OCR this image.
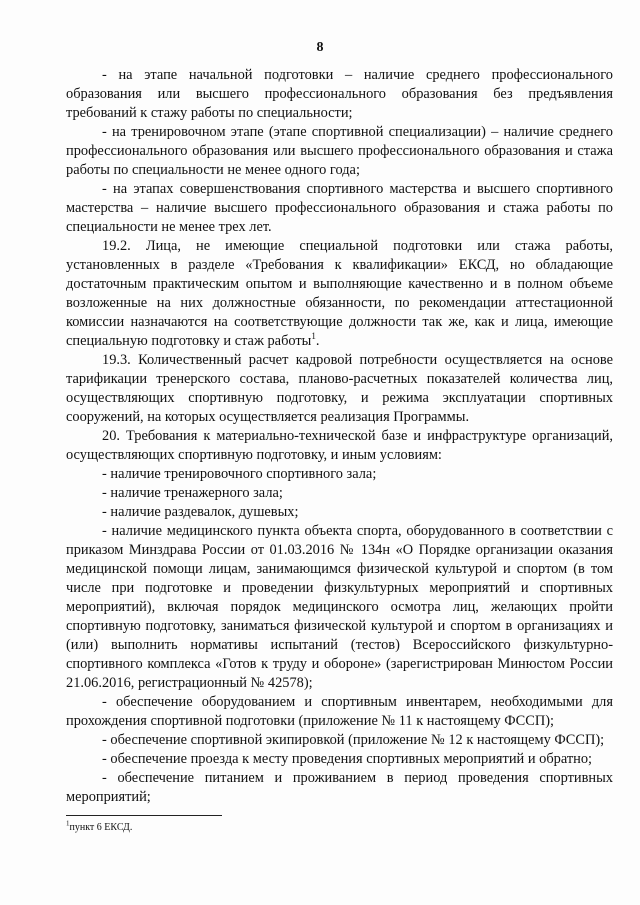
8

- на этапе начальной подготовки – наличие среднего профессионального образования или высшего профессионального образования без предъявления требований к стажу работы по специальности;

- на тренировочном этапе (этапе спортивной специализации) – наличие среднего профессионального образования или высшего профессионального образования и стажа работы по специальности не менее одного года;

- на этапах совершенствования спортивного мастерства и высшего спортивного мастерства – наличие высшего профессионального образования и стажа работы по специальности не менее трех лет.

19.2. Лица, не имеющие специальной подготовки или стажа работы, установленных в разделе «Требования к квалификации» ЕКСД, но обладающие достаточным практическим опытом и выполняющие качественно и в полном объеме возложенные на них должностные обязанности, по рекомендации аттестационной комиссии назначаются на соответствующие должности так же, как и лица, имеющие специальную подготовку и стаж работы$^1$.

19.3. Количественный расчет кадровой потребности осуществляется на основе тарификации тренерского состава, планово-расчетных показателей количества лиц, осуществляющих спортивную подготовку, и режима эксплуатации спортивных сооружений, на которых осуществляется реализация Программы.

20. Требования к материально-технической базе и инфраструктуре организаций, осуществляющих спортивную подготовку, и иным условиям:

- наличие тренировочного спортивного зала;

- наличие тренажерного зала;

- наличие раздевалок, душевых;

- наличие медицинского пункта объекта спорта, оборудованного в соответствии с приказом Минздрава России от 01.03.2016 № 134н «О Порядке организации оказания медицинской помощи лицам, занимающимся физической культурой и спортом (в том числе при подготовке и проведении физкультурных мероприятий и спортивных мероприятий), включая порядок медицинского осмотра лиц, желающих пройти спортивную подготовку, заниматься физической культурой и спортом в организациях и (или) выполнить нормативы испытаний (тестов) Всероссийского физкультурно-спортивного комплекса «Готов к труду и обороне» (зарегистрирован Минюстом России 21.06.2016, регистрационный № 42578);

- обеспечение оборудованием и спортивным инвентарем, необходимыми для прохождения спортивной подготовки (приложение № 11 к настоящему ФССП);

- обеспечение спортивной экипировкой (приложение № 12 к настоящему ФССП);

- обеспечение проезда к месту проведения спортивных мероприятий и обратно;

- обеспечение питанием и проживанием в период проведения спортивных мероприятий;

$^1$пункт 6 ЕКСД.
